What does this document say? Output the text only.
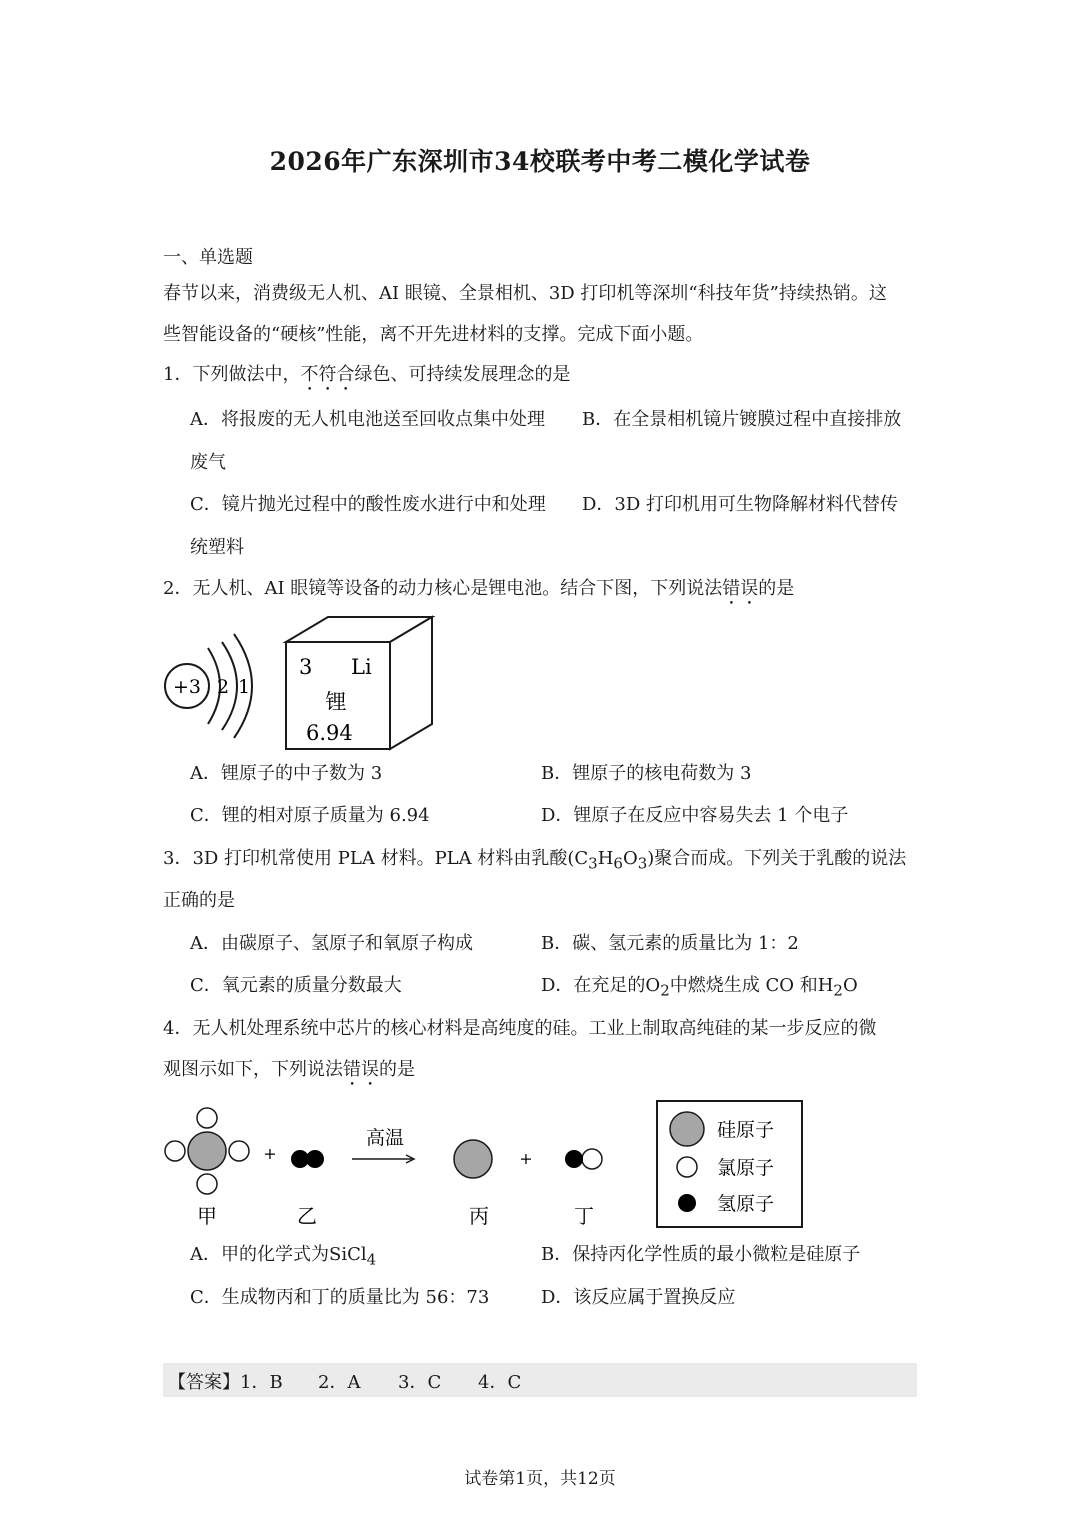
2026年广东深圳市34校联考中考二模化学试卷
一、单选题
春节以来，消费级无人机、AI 眼镜、全景相机、3D 打印机等深圳“科技年货”持续热销。这
些智能设备的“硬核”性能，离不开先进材料的支撑。完成下面小题。
1．下列做法中，不符合绿色、可持续发展理念的是
A．将报废的无人机电池送至回收点集中处理 B．在全景相机镜片镀膜过程中直接排放
废气
C．镜片抛光过程中的酸性废水进行中和处理 D．3D 打印机用可生物降解材料代替传
统塑料
2．无人机、AI 眼镜等设备的动力核心是锂电池。结合下图，下列说法错误的是
+3 2 1
3 Li
锂
6.94
A．锂原子的中子数为 3	B．锂原子的核电荷数为 3
C．锂的相对原子质量为 6.94	D．锂原子在反应中容易失去 1 个电子
3．3D 打印机常使用 PLA 材料。PLA 材料由乳酸$(C_3H_6O_3)$聚合而成。下列关于乳酸的说法
正确的是
A．由碳原子、氢原子和氧原子构成	B．碳、氢元素的质量比为 1：2
C．氧元素的质量分数最大	D．在充足的$O_2$中燃烧生成 CO 和$H_2O$
4．无人机处理系统中芯片的核心材料是高纯度的硅。工业上制取高纯硅的某一步反应的微
观图示如下，下列说法错误的是
+
高温
+
甲	乙	丙	丁
硅原子
氯原子
氢原子
A．甲的化学式为SiCl$_4$	B．保持丙化学性质的最小微粒是硅原子
C．生成物丙和丁的质量比为 56：73	D．该反应属于置换反应
【答案】 1．B 2．A 3．C 4．C
试卷第1页，共12页
